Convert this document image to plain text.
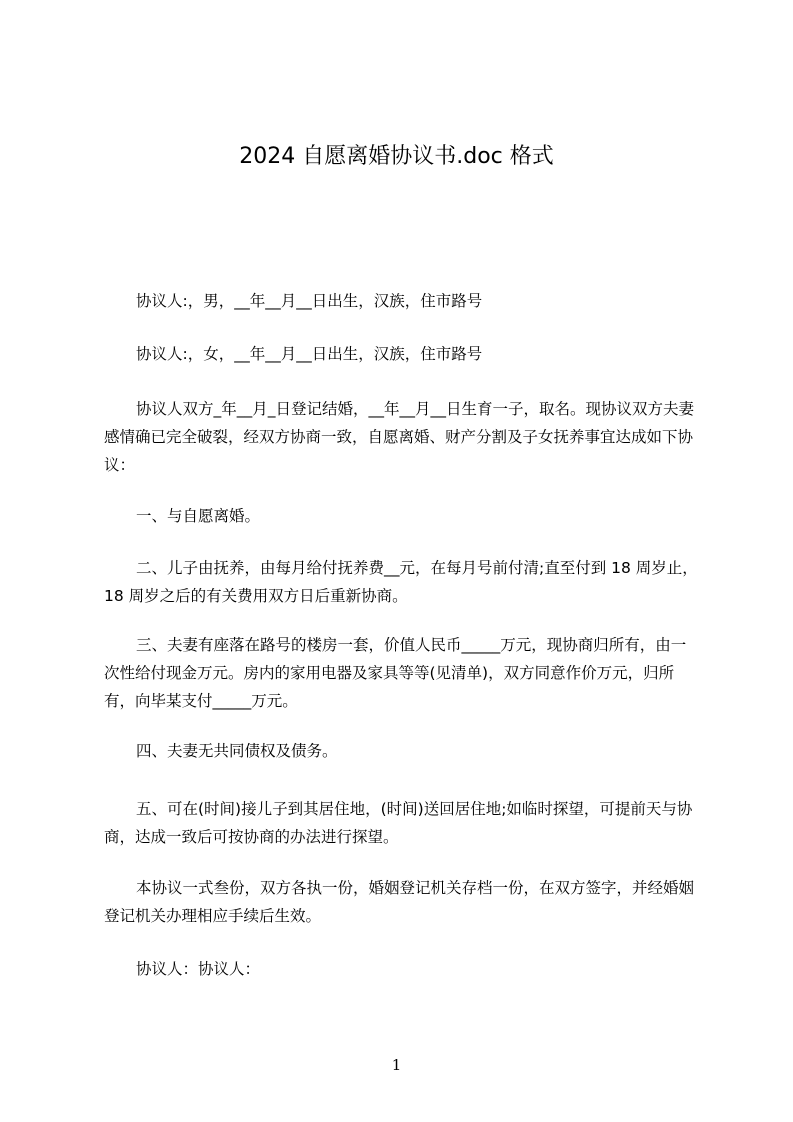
2024 自愿离婚协议书.doc 格式

协议人:，男，__年__月__日出生，汉族，住市路号

协议人:，女，__年__月__日出生，汉族，住市路号

协议人双方_年__月_日登记结婚，__年__月__日生育一子，取名。现协议双方夫妻感情确已完全破裂，经双方协商一致，自愿离婚、财产分割及子女抚养事宜达成如下协议：

一、与自愿离婚。

二、儿子由抚养，由每月给付抚养费__元，在每月号前付清;直至付到 18 周岁止，18 周岁之后的有关费用双方日后重新协商。

三、夫妻有座落在路号的楼房一套，价值人民币_____万元，现协商归所有，由一次性给付现金万元。房内的家用电器及家具等等(见清单)，双方同意作价万元，归所有，向毕某支付_____万元。

四、夫妻无共同债权及债务。

五、可在(时间)接儿子到其居住地，(时间)送回居住地;如临时探望，可提前天与协商，达成一致后可按协商的办法进行探望。

本协议一式叁份，双方各执一份，婚姻登记机关存档一份，在双方签字，并经婚姻登记机关办理相应手续后生效。

协议人：协议人：

1
